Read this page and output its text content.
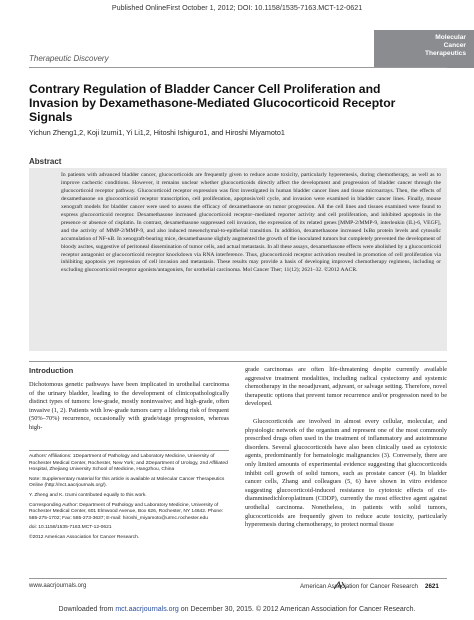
Published OnlineFirst October 1, 2012; DOI: 10.1158/1535-7163.MCT-12-0621
Molecular
Cancer
Therapeutics
Therapeutic Discovery
Contrary Regulation of Bladder Cancer Cell Proliferation and Invasion by Dexamethasone-Mediated Glucocorticoid Receptor Signals
Yichun Zheng1,2, Koji Izumi1, Yi Li1,2, Hitoshi Ishiguro1, and Hiroshi Miyamoto1
Abstract

In patients with advanced bladder cancer, glucocorticoids are frequently given to reduce acute toxicity, particularly hyperemesis, during chemotherapy, as well as to improve cachectic conditions. However, it remains unclear whether glucocorticoids directly affect the development and progression of bladder cancer through the glucocorticoid receptor pathway. Glucocorticoid receptor expression was first investigated in human bladder cancer lines and tissue microarrays. Then, the effects of dexamethasone on glucocorticoid receptor transcription, cell proliferation, apoptosis/cell cycle, and invasion were examined in bladder cancer lines. Finally, mouse xenograft models for bladder cancer were used to assess the efficacy of dexamethasone on tumor progression. All the cell lines and tissues examined were found to express glucocorticoid receptor. Dexamethasone increased glucocorticoid receptor–mediated reporter activity and cell proliferation, and inhibited apoptosis in the presence or absence of cisplatin. In contrast, dexamethasone suppressed cell invasion, the expression of its related genes [MMP-2/MMP-9, interleukin (IL)-6, VEGF], and the activity of MMP-2/MMP-9, and also induced mesenchymal-to-epithelial transition. In addition, dexamethasone increased IκBα protein levels and cytosolic accumulation of NF-κB. In xenograft-bearing mice, dexamethasone slightly augmented the growth of the inoculated tumors but completely prevented the development of bloody ascites, suggestive of peritoneal dissemination of tumor cells, and actual metastasis. In all these assays, dexamethasone effects were abolished by a glucocorticoid receptor antagonist or glucocorticoid receptor knockdown via RNA interference. Thus, glucocorticoid receptor activation resulted in promotion of cell proliferation via inhibiting apoptosis yet repression of cell invasion and metastasis. These results may provide a basis of developing improved chemotherapy regimens, including or excluding glucocorticoid receptor agonists/antagonists, for urothelial carcinoma. Mol Cancer Ther; 11(12); 2621–32. ©2012 AACR.

Introduction

Dichotomous genetic pathways have been implicated in urothelial carcinoma of the urinary bladder, leading to the development of clinicopathologically distinct types of tumors: low-grade, mostly noninvasive; and high-grade, often invasive (1, 2). Patients with low-grade tumors carry a lifelong risk of frequent (50%–70%) recurrence, occasionally with grade/stage progression, whereas high-

Authors' Affiliations: 1Department of Pathology and Laboratory Medicine, University of Rochester Medical Center, Rochester, New York; and 2Department of Urology, 2nd Affiliated Hospital, Zhejiang University School of Medicine, Hangzhou, China

Note: Supplementary material for this article is available at Molecular Cancer Therapeutics Online (http://mct.aacrjournals.org/).

Y. Zheng and K. Izumi contributed equally to this work.

Corresponding Author: Department of Pathology and Laboratory Medicine, University of Rochester Medical Center, 601 Elmwood Avenue, Box 626, Rochester, NY 14642. Phone: 585-275-1702; Fax: 585-273-3637; E-mail: hiroshi_miyamoto@urmc.rochester.edu

doi: 10.1158/1535-7163.MCT-12-0621

©2012 American Association for Cancer Research.

grade carcinomas are often life-threatening despite currently available aggressive treatment modalities, including radical cystectomy and systemic chemotherapy in the neoadjuvant, adjuvant, or salvage setting. Therefore, novel therapeutic options that prevent tumor recurrence and/or progression need to be developed.

Glucocorticoids are involved in almost every cellular, molecular, and physiologic network of the organism and represent one of the most commonly prescribed drugs often used in the treatment of inflammatory and autoimmune disorders. Several glucocorticoids have also been clinically used as cytotoxic agents, predominantly for hematologic malignancies (3). Conversely, there are only limited amounts of experimental evidence suggesting that glucocorticoids inhibit cell growth of solid tumors, such as prostate cancer (4). In bladder cancer cells, Zhang and colleagues (5, 6) have shown in vitro evidence suggesting glucocorticoid-induced resistance to cytotoxic effects of cis-diamminedichloroplatinum (CDDP), currently the most effective agent against urothelial carcinoma. Nonetheless, in patients with solid tumors, glucocorticoids are frequently given to reduce acute toxicity, particularly hyperemesis during chemotherapy, to protect normal tissue

www.aacrjournals.org	American Association for Cancer Research 2621
Downloaded from mct.aacrjournals.org on December 30, 2015. © 2012 American Association for Cancer Research.
